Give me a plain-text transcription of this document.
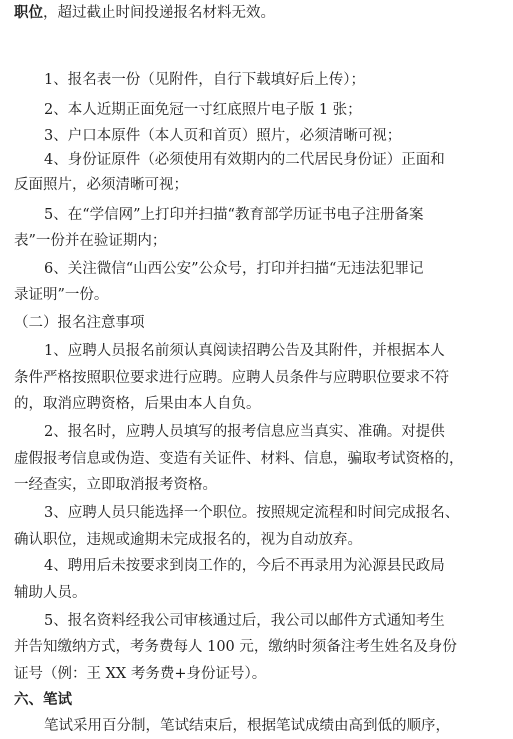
职位，超过截止时间投递报名材料无效。
1、报名表一份（见附件，自行下载填好后上传）；
2、本人近期正面免冠一寸红底照片电子版 1 张；
3、户口本原件（本人页和首页）照片，必须清晰可视；
4、身份证原件（必须使用有效期内的二代居民身份证）正面和
反面照片，必须清晰可视；
5、在“学信网”上打印并扫描“教育部学历证书电子注册备案
表”一份并在验证期内；
6、关注微信“山西公安”公众号，打印并扫描“无违法犯罪记
录证明”一份。
（二）报名注意事项
1、应聘人员报名前须认真阅读招聘公告及其附件，并根据本人
条件严格按照职位要求进行应聘。应聘人员条件与应聘职位要求不符
的，取消应聘资格，后果由本人自负。
2、报名时，应聘人员填写的报考信息应当真实、准确。对提供
虚假报考信息或伪造、变造有关证件、材料、信息，骗取考试资格的，
一经查实，立即取消报考资格。
3、应聘人员只能选择一个职位。按照规定流程和时间完成报名、
确认职位，违规或逾期未完成报名的，视为自动放弃。
4、聘用后未按要求到岗工作的，今后不再录用为沁源县民政局
辅助人员。
5、报名资料经我公司审核通过后，我公司以邮件方式通知考生
并告知缴纳方式，考务费每人 100 元，缴纳时须备注考生姓名及身份
证号（例：王 XX 考务费+身份证号）。
六、笔试
笔试采用百分制，笔试结束后，根据笔试成绩由高到低的顺序，
